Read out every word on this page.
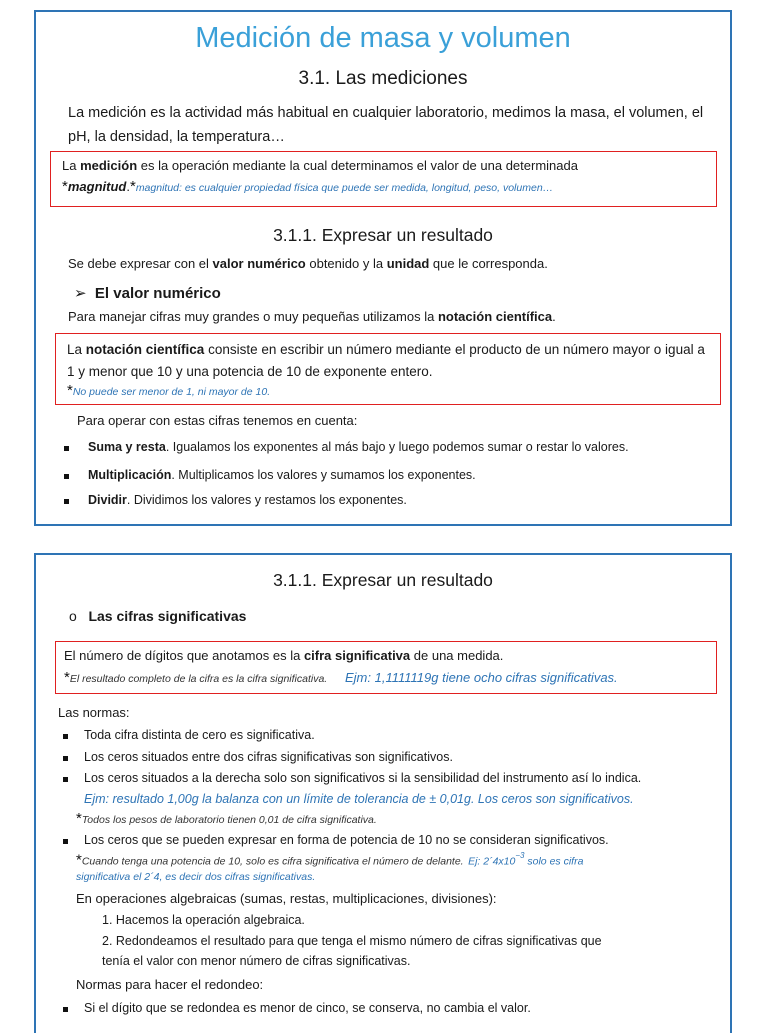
Medición de masa y volumen
3.1. Las mediciones
La medición es la actividad más habitual en cualquier laboratorio, medimos la masa, el volumen, el pH, la densidad, la temperatura…
La medición es la operación mediante la cual determinamos el valor de una determinada
*magnitud.*magnitud: es cualquier propiedad física que puede ser medida, longitud, peso, volumen…
3.1.1. Expresar un resultado
Se debe expresar con el valor numérico obtenido y la unidad que le corresponda.
➢ El valor numérico
Para manejar cifras muy grandes o muy pequeñas utilizamos la notación científica.
La notación científica consiste en escribir un número mediante el producto de un número mayor o igual a 1 y menor que 10 y una potencia de 10 de exponente entero.
*No puede ser menor de 1, ni mayor de 10.
Para operar con estas cifras tenemos en cuenta:
Suma y resta. Igualamos los exponentes al más bajo y luego podemos sumar o restar lo valores.
Multiplicación. Multiplicamos los valores y sumamos los exponentes.
Dividir. Dividimos los valores y restamos los exponentes.
3.1.1. Expresar un resultado
o Las cifras significativas
El número de dígitos que anotamos es la cifra significativa de una medida.
*El resultado completo de la cifra es la cifra significativa. Ejm: 1,1111119g tiene ocho cifras significativas.
Las normas:
Toda cifra distinta de cero es significativa.
Los ceros situados entre dos cifras significativas son significativos.
Los ceros situados a la derecha solo son significativos si la sensibilidad del instrumento así lo indica.
Ejm: resultado 1,00g la balanza con un límite de tolerancia de ± 0,01g. Los ceros son significativos.
*Todos los pesos de laboratorio tienen 0,01 de cifra significativa.
Los ceros que se pueden expresar en forma de potencia de 10 no se consideran significativos.
*Cuando tenga una potencia de 10, solo es cifra significativa el número de delante. Ej: 2´4x10$^{-3}$ solo es cifra
significativa el 2´4, es decir dos cifras significativas.
En operaciones algebraicas (sumas, restas, multiplicaciones, divisiones):
1. Hacemos la operación algebraica.
2. Redondeamos el resultado para que tenga el mismo número de cifras significativas que
tenía el valor con menor número de cifras significativas.
Normas para hacer el redondeo:
Si el dígito que se redondea es menor de cinco, se conserva, no cambia el valor.
